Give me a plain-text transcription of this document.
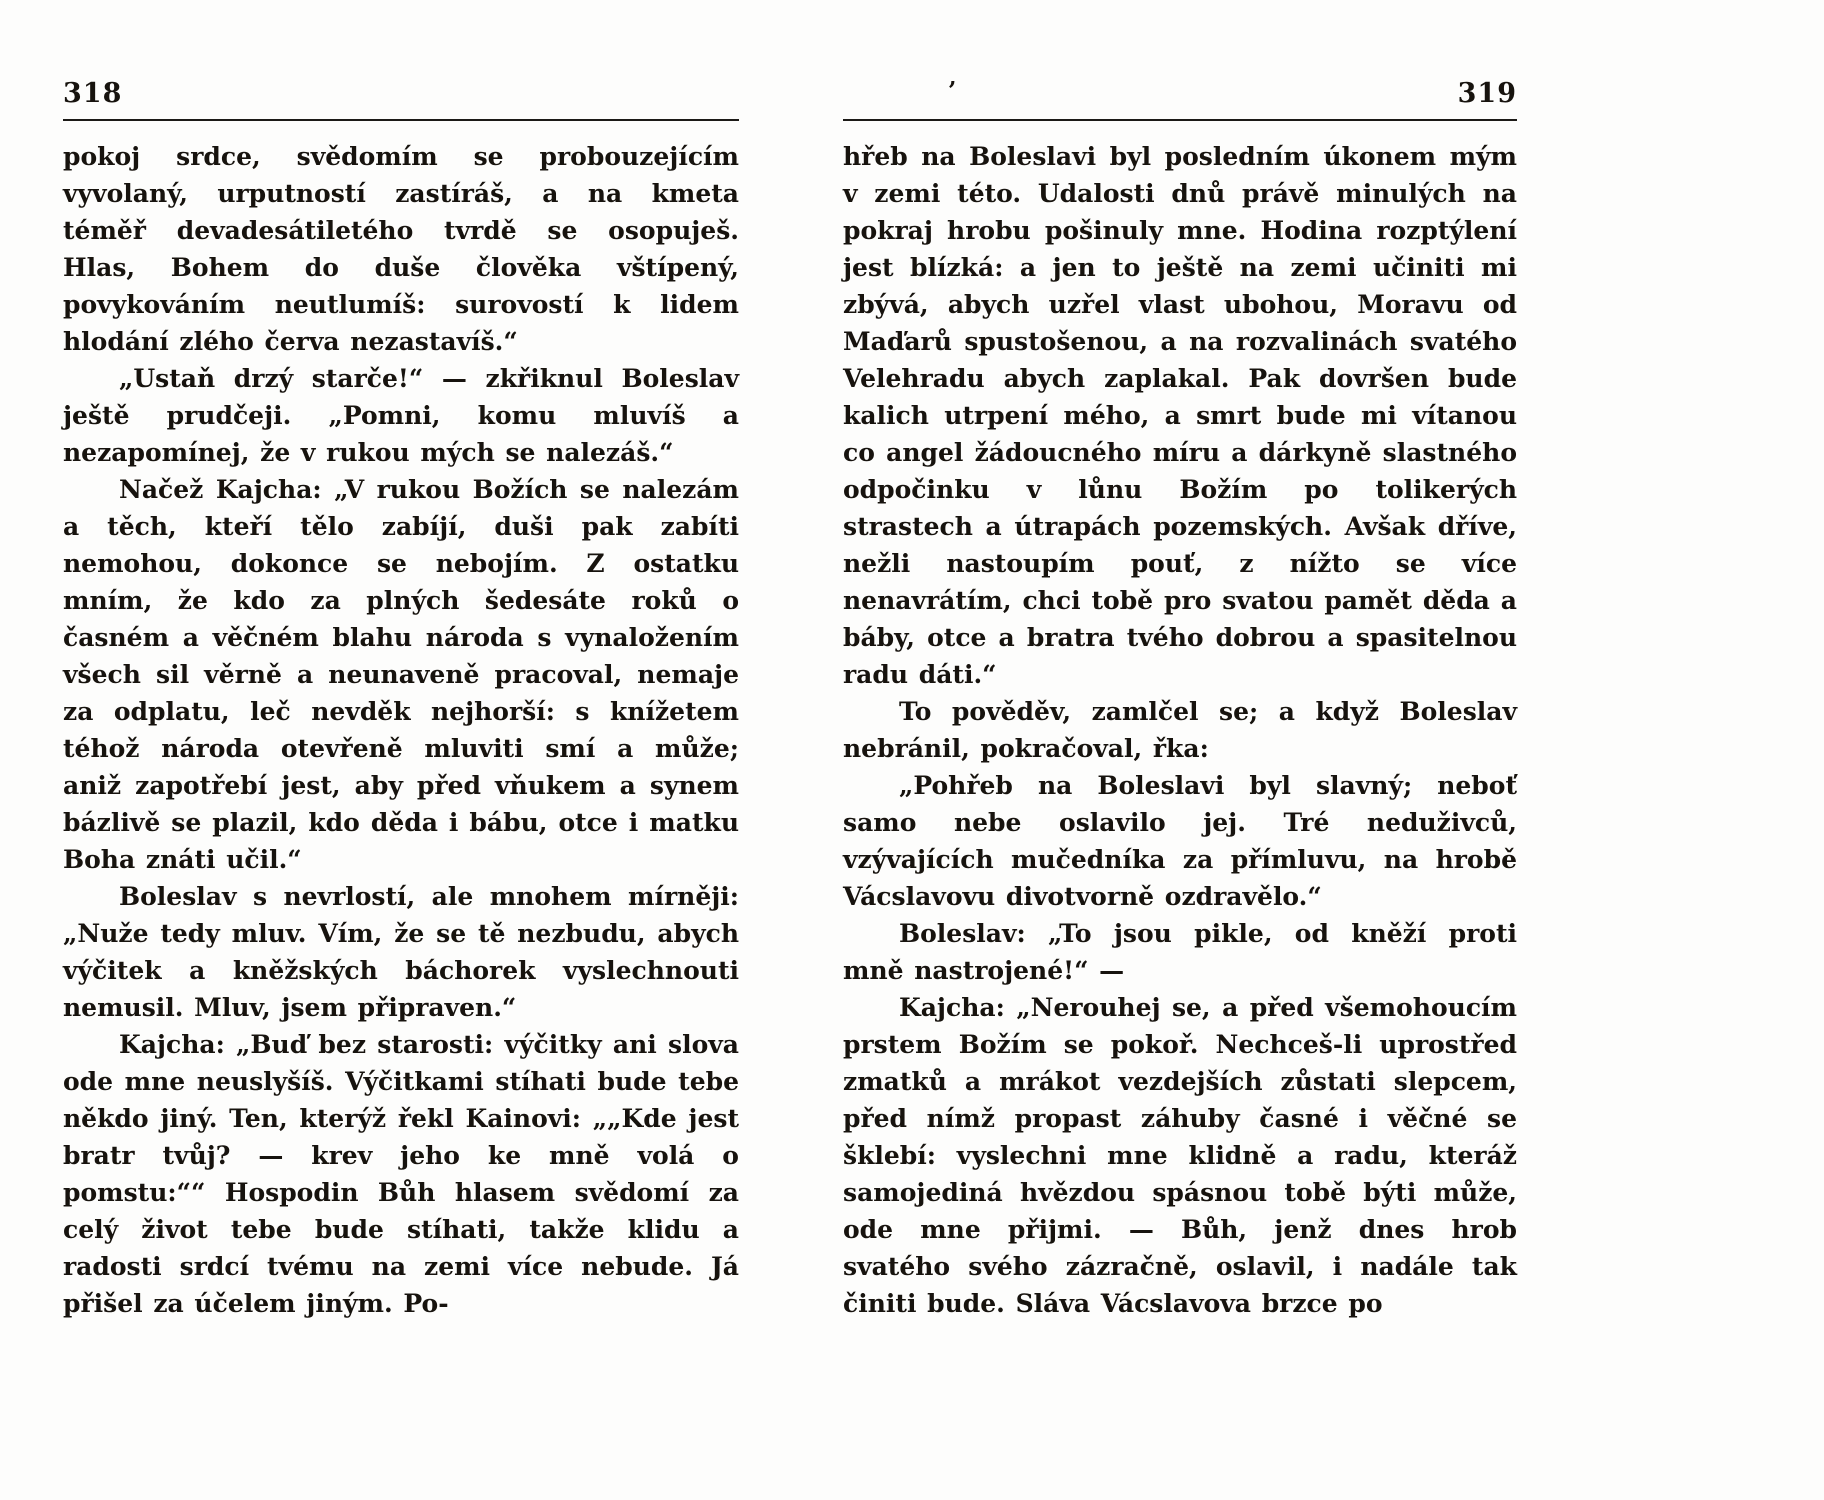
318

pokoj srdce, svědomím se probouzejícím vyvolaný, urputností zastíráš, a na kmeta téměř devadesátiletého tvrdě se osopuješ. Hlas, Bohem do duše člověka vštípený, povykováním neutlumíš: surovostí k lidem hlodání zlého červa nezastavíš.“

„Ustaň drzý starče!“ — zkřiknul Boleslav ještě prudčeji. „Pomni, komu mluvíš a nezapomínej, že v rukou mých se nalezáš.“

Načež Kajcha: „V rukou Božích se nalezám a těch, kteří tělo zabíjí, duši pak zabíti nemohou, dokonce se nebojím. Z ostatku mním, že kdo za plných šedesáte roků o časném a věčném blahu národa s vynaložením všech sil věrně a neunaveně pracoval, nemaje za odplatu, leč nevděk nejhorší: s knížetem téhož národa otevřeně mluviti smí a může; aniž zapotřebí jest, aby před vňukem a synem bázlivě se plazil, kdo děda i bábu, otce i matku Boha znáti učil.“

Boleslav s nevrlostí, ale mnohem mírněji: „Nuže tedy mluv. Vím, že se tě nezbudu, abych výčitek a kněžských báchorek vyslechnouti nemusil. Mluv, jsem připraven.“

Kajcha: „Buď bez starosti: výčitky ani slova ode mne neuslyšíš. Výčitkami stíhati bude tebe někdo jiný. Ten, kterýž řekl Kainovi: „„Kde jest bratr tvůj? — krev jeho ke mně volá o pomstu:““ Hospodin Bůh hlasem svědomí za celý život tebe bude stíhati, takže klidu a radosti srdcí tvému na zemi více nebude. Já přišel za účelem jiným. Po-

’	319

hřeb na Boleslavi byl posledním úkonem mým v zemi této. Udalosti dnů právě minulých na pokraj hrobu pošinuly mne. Hodina rozptýlení jest blízká: a jen to ještě na zemi učiniti mi zbývá, abych uzřel vlast ubohou, Moravu od Maďarů spustošenou, a na rozvalinách svatého Velehradu abych zaplakal. Pak dovršen bude kalich utrpení mého, a smrt bude mi vítanou co angel žádoucného míru a dárkyně slastného odpočinku v lůnu Božím po tolikerých strastech a útrapách pozemských. Avšak dříve, nežli nastoupím pouť, z nížto se více nenavrátím, chci tobě pro svatou pamět děda a báby, otce a bratra tvého dobrou a spasitelnou radu dáti.“

To pověděv, zamlčel se; a když Boleslav nebránil, pokračoval, řka:

„Pohřeb na Boleslavi byl slavný; neboť samo nebe oslavilo jej. Tré neduživců, vzývajících mučedníka za přímluvu, na hrobě Vácslavovu divotvorně ozdravělo.“

Boleslav: „To jsou pikle, od kněží proti mně nastrojené!“ —

Kajcha: „Nerouhej se, a před všemohoucím prstem Božím se pokoř. Nechceš-li uprostřed zmatků a mrákot vezdejších zůstati slepcem, před nímž propast záhuby časné i věčné se šklebí: vyslechni mne klidně a radu, kteráž samojediná hvězdou spásnou tobě býti může, ode mne přijmi. — Bůh, jenž dnes hrob svatého svého zázračně, oslavil, i nadále tak činiti bude. Sláva Vácslavova brzce po
